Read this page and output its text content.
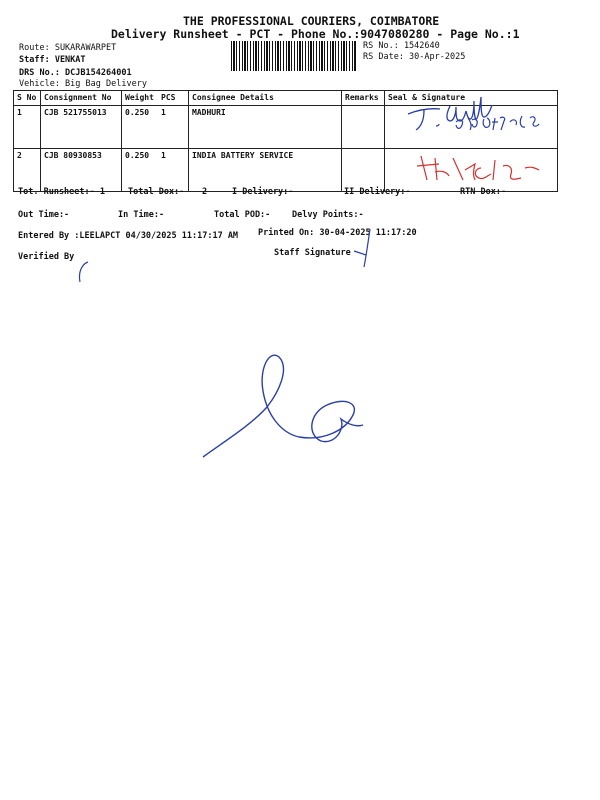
THE PROFESSIONAL COURIERS, COIMBATORE
Delivery Runsheet - PCT - Phone No.:9047080280 - Page No.:1
Route: SUKARAWARPET
Staff: VENKAT
DRS No.: DCJB154264001
Vehicle: Big Bag Delivery
RS No.: 1542640
RS Date: 30-Apr-2025
S No	Consignment No	Weight	PCS	Consignee Details	Remarks	Seal & Signature
1	CJB 521755013	0.250	1	MADHURI		
2	CJB 80930853	0.250	1	INDIA BATTERY SERVICE		
Tot. Runsheet:- 1	Total Dox:- 2	I Delivery:-	II Delivery:-	RTN Dox:-
Out Time:-	In Time:-	Total POD:-	Delvy Points:-
Entered By :LEELAPCT 04/30/2025 11:17:17 AM Printed On: 30-04-2025 11:17:20
Verified By	Staff Signature
